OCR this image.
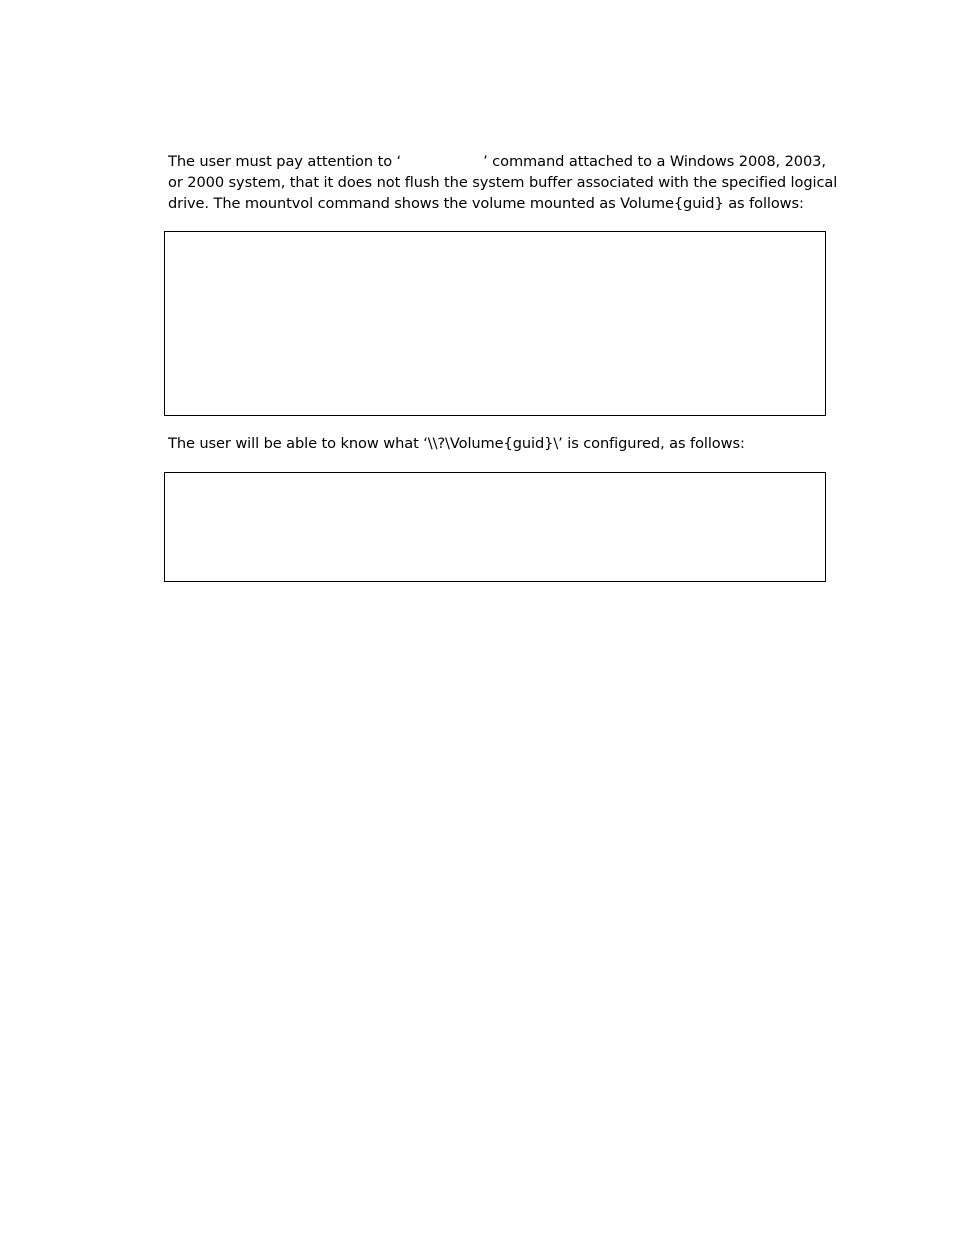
The user must pay attention to ‘	’ command attached to a Windows 2008, 2003,
or 2000 system, that it does not flush the system buffer associated with the specified logical
drive. The mountvol command shows the volume mounted as Volume{guid} as follows:

The user will be able to know what ‘\\?\Volume{guid}\’ is configured, as follows:
